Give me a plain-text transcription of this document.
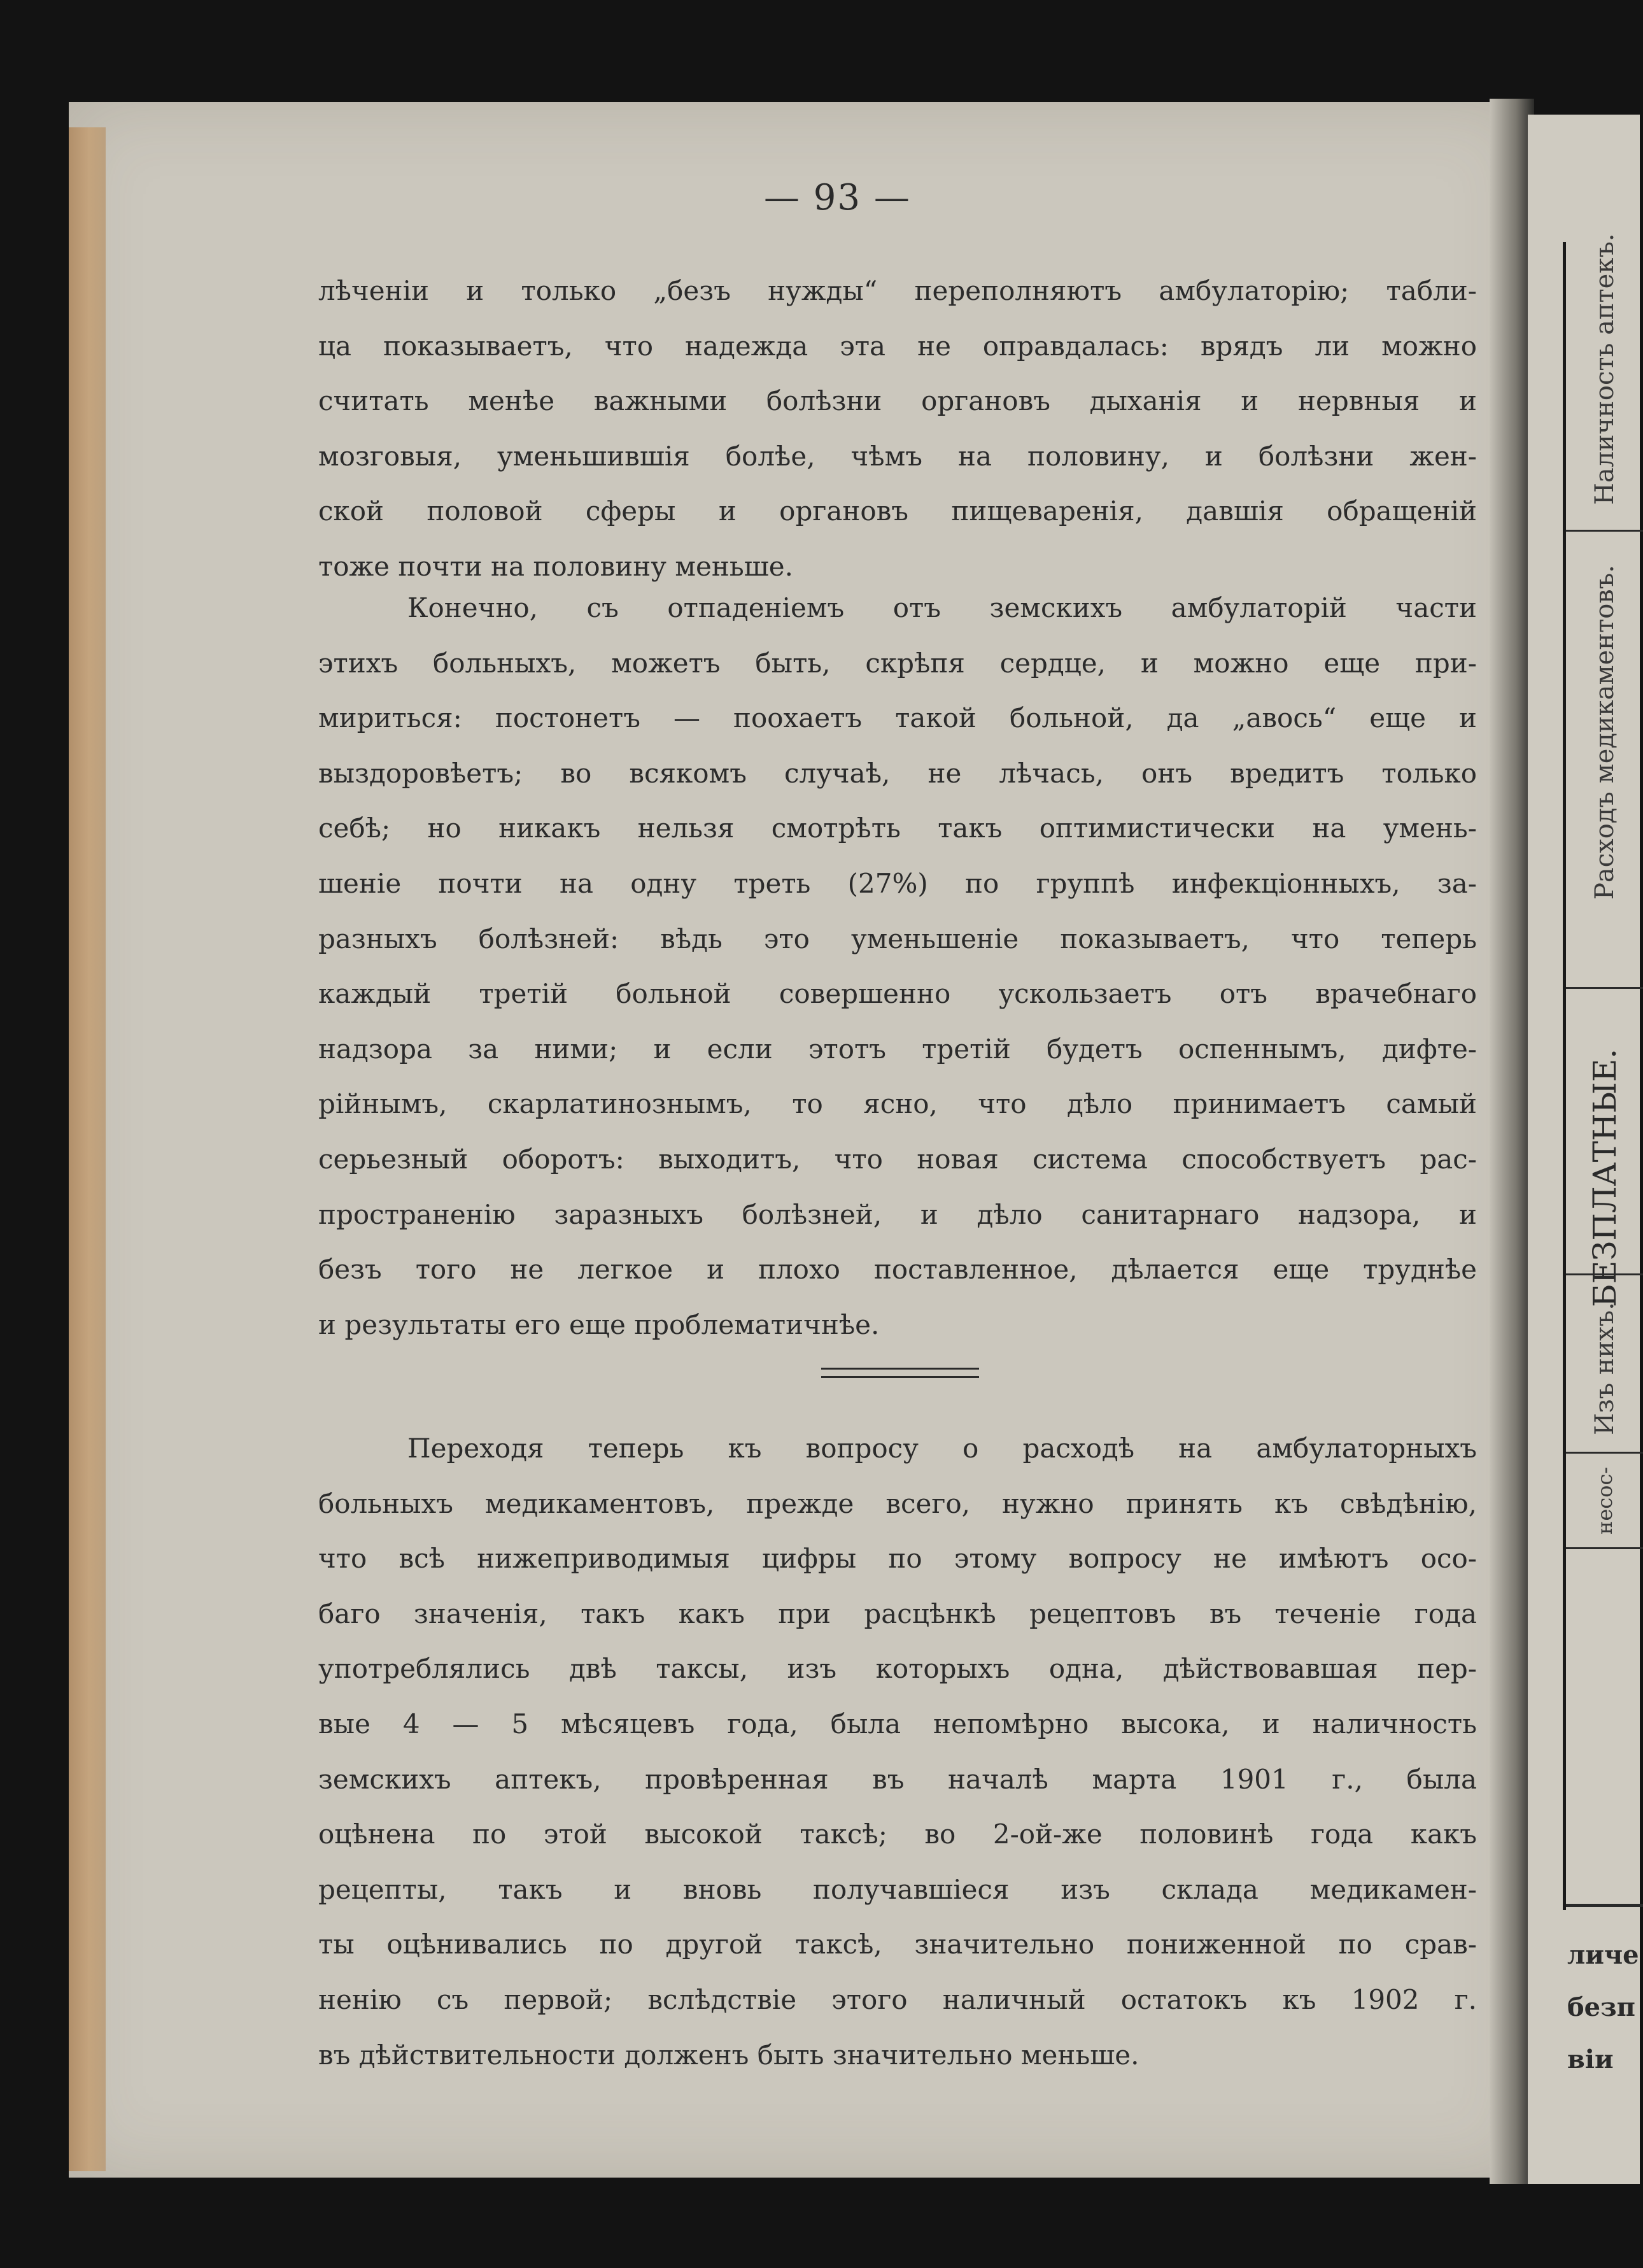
Наличность аптекъ.
Расходъ медикаментовъ.
БЕЗПЛАТНЫЕ.
Изъ нихъ.
несос-
личе
безп
віи
— 93 —
лѣченіи и только „безъ нужды“ переполняютъ амбулаторію; табли-
ца показываетъ, что надежда эта не оправдалась: врядъ ли можно
считать менѣе важными болѣзни органовъ дыханія и нервныя и
мозговыя, уменьшившія болѣе, чѣмъ на половину, и болѣзни жен-
ской половой сферы и органовъ пищеваренія, давшія обращеній
тоже почти на половину меньше.
Конечно, съ отпаденіемъ отъ земскихъ амбулаторій части
этихъ больныхъ, можетъ быть, скрѣпя сердце, и можно еще при-
мириться: постонетъ — поохаетъ такой больной, да „авось“ еще и
выздоровѣетъ; во всякомъ случаѣ, не лѣчась, онъ вредитъ только
себѣ; но никакъ нельзя смотрѣть такъ оптимистически на умень-
шеніе почти на одну треть (27%) по группѣ инфекціонныхъ, за-
разныхъ болѣзней: вѣдь это уменьшеніе показываетъ, что теперь
каждый третій больной совершенно ускользаетъ отъ врачебнаго
надзора за ними; и если этотъ третій будетъ оспеннымъ, дифте-
рійнымъ, скарлатинознымъ, то ясно, что дѣло принимаетъ самый
серьезный оборотъ: выходитъ, что новая система способствуетъ рас-
пространенію заразныхъ болѣзней, и дѣло санитарнаго надзора, и
безъ того не легкое и плохо поставленное, дѣлается еще труднѣе
и результаты его еще проблематичнѣе.
Переходя теперь къ вопросу о расходѣ на амбулаторныхъ
больныхъ медикаментовъ, прежде всего, нужно принять къ свѣдѣнію,
что всѣ нижеприводимыя цифры по этому вопросу не имѣютъ осо-
баго значенія, такъ какъ при расцѣнкѣ рецептовъ въ теченіе года
употреблялись двѣ таксы, изъ которыхъ одна, дѣйствовавшая пер-
вые 4 — 5 мѣсяцевъ года, была непомѣрно высока, и наличность
земскихъ аптекъ, провѣренная въ началѣ марта 1901 г., была
оцѣнена по этой высокой таксѣ; во 2-ой-же половинѣ года какъ
рецепты, такъ и вновь получавшіеся изъ склада медикамен-
ты оцѣнивались по другой таксѣ, значительно пониженной по срав-
ненію съ первой; вслѣдствіе этого наличный остатокъ къ 1902 г.
въ дѣйствительности долженъ быть значительно меньше.
